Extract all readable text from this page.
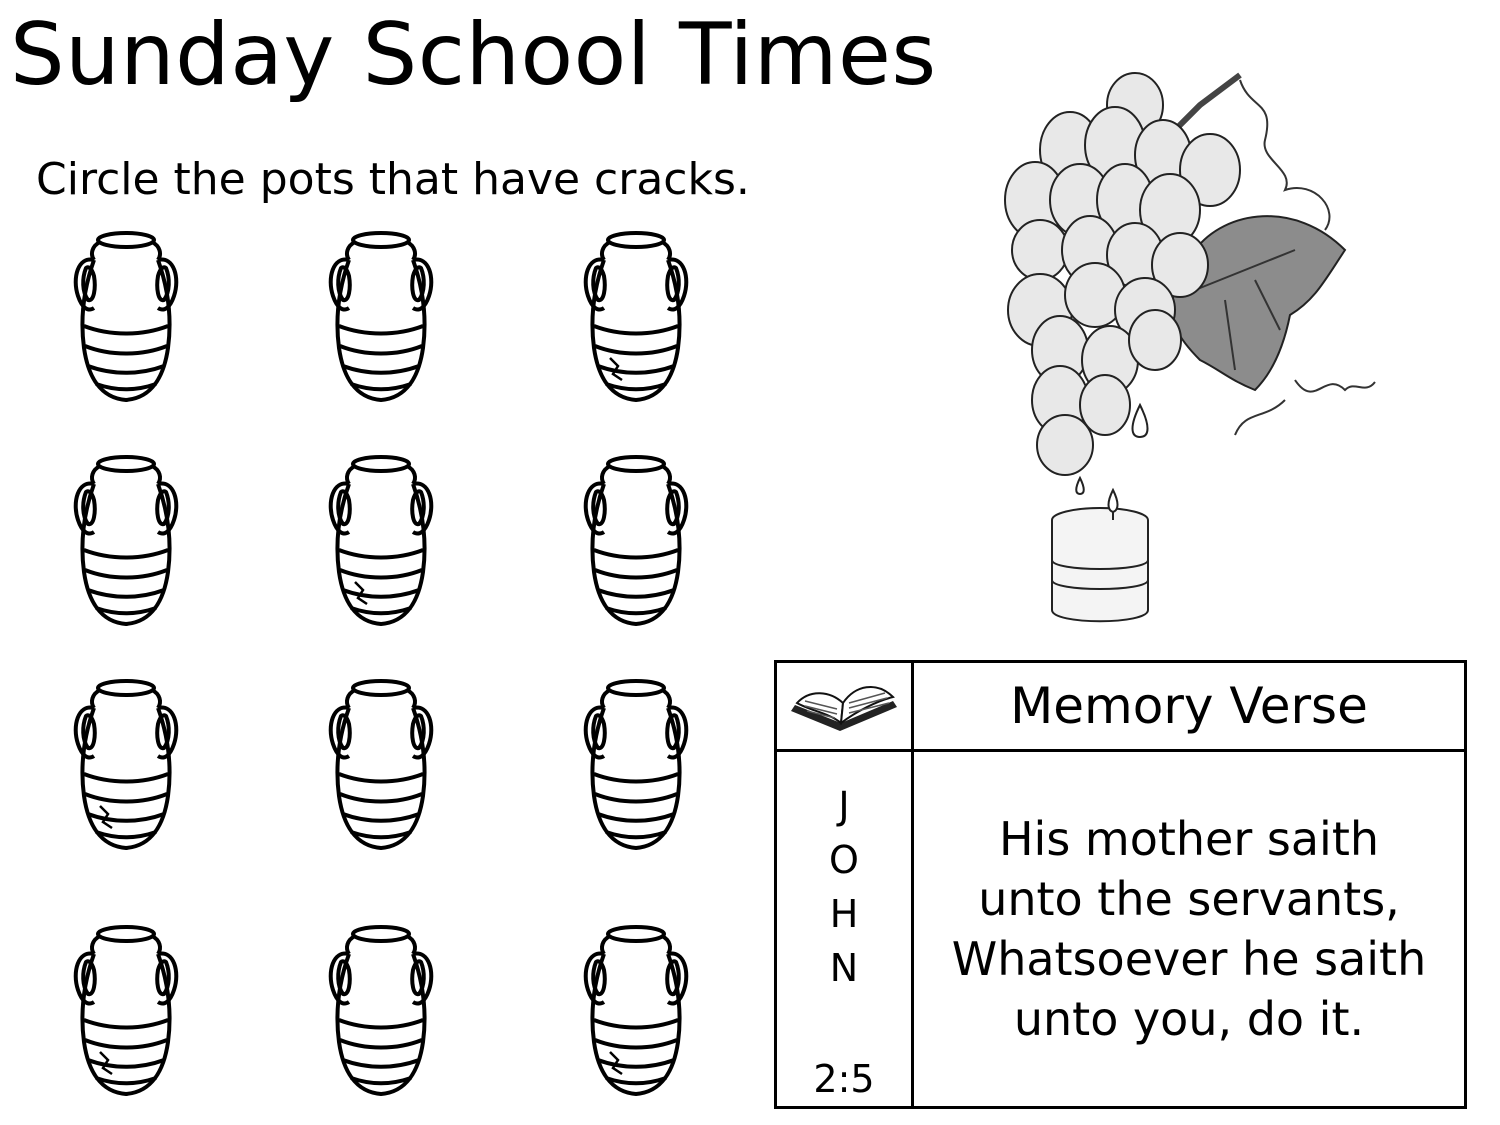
Sunday School Times
Circle the pots that have cracks.
Memory Verse
J
O
H
N
2:5
His mother saith
unto the servants,
Whatsoever he saith
unto you, do it.
